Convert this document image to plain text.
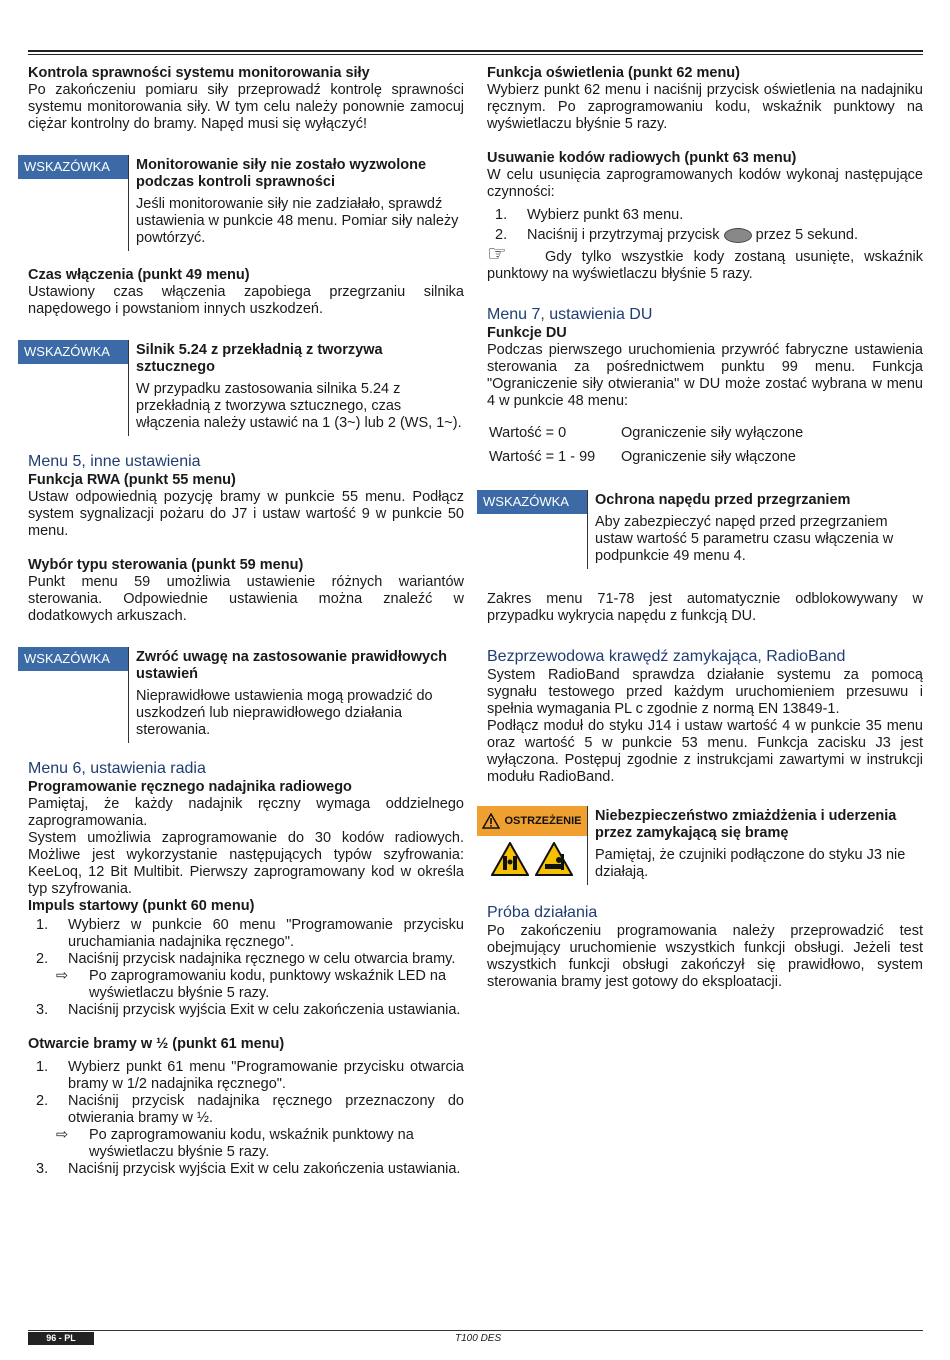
Kontrola sprawności systemu monitorowania siły

Po zakończeniu pomiaru siły przeprowadź kontrolę sprawności systemu monitorowania siły. W tym celu należy ponownie zamocuj ciężar kontrolny do bramy. Napęd musi się wyłączyć!

WSKAZÓWKA	Monitorowanie siły nie zostało wyzwolone podczas kontroli sprawności
Jeśli monitorowanie siły nie zadziałało, sprawdź ustawienia w punkcie 48 menu. Pomiar siły należy powtórzyć.
Czas włączenia (punkt 49 menu)

Ustawiony czas włączenia zapobiega przegrzaniu silnika napędowego i powstaniom innych uszkodzeń.

WSKAZÓWKA	Silnik 5.24 z przekładnią z tworzywa sztucznego
W przypadku zastosowania silnika 5.24 z przekładnią z tworzywa sztucznego, czas włączenia należy ustawić na 1 (3~) lub 2 (WS, 1~).
Menu 5, inne ustawienia
Funkcja RWA (punkt 55 menu)

Ustaw odpowiednią pozycję bramy w punkcie 55 menu. Podłącz system sygnalizacji pożaru do J7 i ustaw wartość 9 w punkcie 50 menu.

Wybór typu sterowania (punkt 59 menu)

Punkt menu 59 umożliwia ustawienie różnych wariantów sterowania. Odpowiednie ustawienia można znaleźć w dodatkowych arkuszach.

WSKAZÓWKA	Zwróć uwagę na zastosowanie prawidłowych ustawień
Nieprawidłowe ustawienia mogą prowadzić do uszkodzeń lub nieprawidłowego działania sterowania.
Menu 6, ustawienia radia
Programowanie ręcznego nadajnika radiowego

Pamiętaj, że każdy nadajnik ręczny wymaga oddzielnego zaprogramowania.

System umożliwia zaprogramowanie do 30 kodów radiowych. Możliwe jest wykorzystanie następujących typów szyfrowania: KeeLoq, 12 Bit Multibit. Pierwszy zaprogramowany kod w określa typ szyfrowania.

Impuls startowy (punkt 60 menu)
1.	Wybierz w punkcie 60 menu "Programowanie przycisku uruchamiania nadajnika ręcznego".
2.	Naciśnij przycisk nadajnika ręcznego w celu otwarcia bramy.
⇨	Po zaprogramowaniu kodu, punktowy wskaźnik LED na wyświetlaczu błyśnie 5 razy.
3.	Naciśnij przycisk wyjścia Exit w celu zakończenia ustawiania.
Otwarcie bramy w ½ (punkt 61 menu)
1.	Wybierz punkt 61 menu "Programowanie przycisku otwarcia bramy w 1/2 nadajnika ręcznego".
2.	Naciśnij przycisk nadajnika ręcznego przeznaczony do otwierania bramy w ½.
⇨	Po zaprogramowaniu kodu, wskaźnik punktowy na wyświetlaczu błyśnie 5 razy.
3.	Naciśnij przycisk wyjścia Exit w celu zakończenia ustawiania.
Funkcja oświetlenia (punkt 62 menu)

Wybierz punkt 62 menu i naciśnij przycisk oświetlenia na nadajniku ręcznym. Po zaprogramowaniu kodu, wskaźnik punktowy na wyświetlaczu błyśnie 5 razy.

Usuwanie kodów radiowych (punkt 63 menu)

W celu usunięcia zaprogramowanych kodów wykonaj następujące czynności:

1.	Wybierz punkt 63 menu.
2.	Naciśnij i przytrzymaj przycisk przez 5 sekund.

☞	Gdy tylko wszystkie kody zostaną usunięte, wskaźnik punktowy na wyświetlaczu błyśnie 5 razy.

Menu 7, ustawienia DU
Funkcje DU

Podczas pierwszego uruchomienia przywróć fabryczne ustawienia sterowania za pośrednictwem punktu 99 menu. Funkcja "Ograniczenie siły otwierania" w DU może zostać wybrana w menu 4 w punkcie 48 menu:

Wartość = 0	Ograniczenie siły wyłączone
Wartość = 1 - 99	Ograniczenie siły włączone
WSKAZÓWKA	Ochrona napędu przed przegrzaniem
Aby zabezpieczyć napęd przed przegrzaniem ustaw wartość 5 parametru czasu włączenia w podpunkcie 49 menu 4.

Zakres menu 71-78 jest automatycznie odblokowywany w przypadku wykrycia napędu z funkcją DU.

Bezprzewodowa krawędź zamykająca, RadioBand

System RadioBand sprawdza działanie systemu za pomocą sygnału testowego przed każdym uruchomieniem przesuwu i spełnia wymagania PL c zgodnie z normą EN 13849-1.

Podłącz moduł do styku J14 i ustaw wartość 4 w punkcie 35 menu oraz wartość 5 w punkcie 53 menu. Funkcja zacisku J3 jest wyłączona. Postępuj zgodnie z instrukcjami zawartymi w instrukcji modułu RadioBand.

OSTRZEŻENIE Niebezpieczeństwo zmiażdżenia i uderzenia przez zamykającą się bramę
Pamiętaj, że czujniki podłączone do styku J3 nie działają.
Próba działania

Po zakończeniu programowania należy przeprowadzić test obejmujący uruchomienie wszystkich funkcji obsługi. Jeżeli test wszystkich funkcji obsługi zakończył się prawidłowo, system sterowania bramy jest gotowy do eksploatacji.

96 - PL	T100 DES
